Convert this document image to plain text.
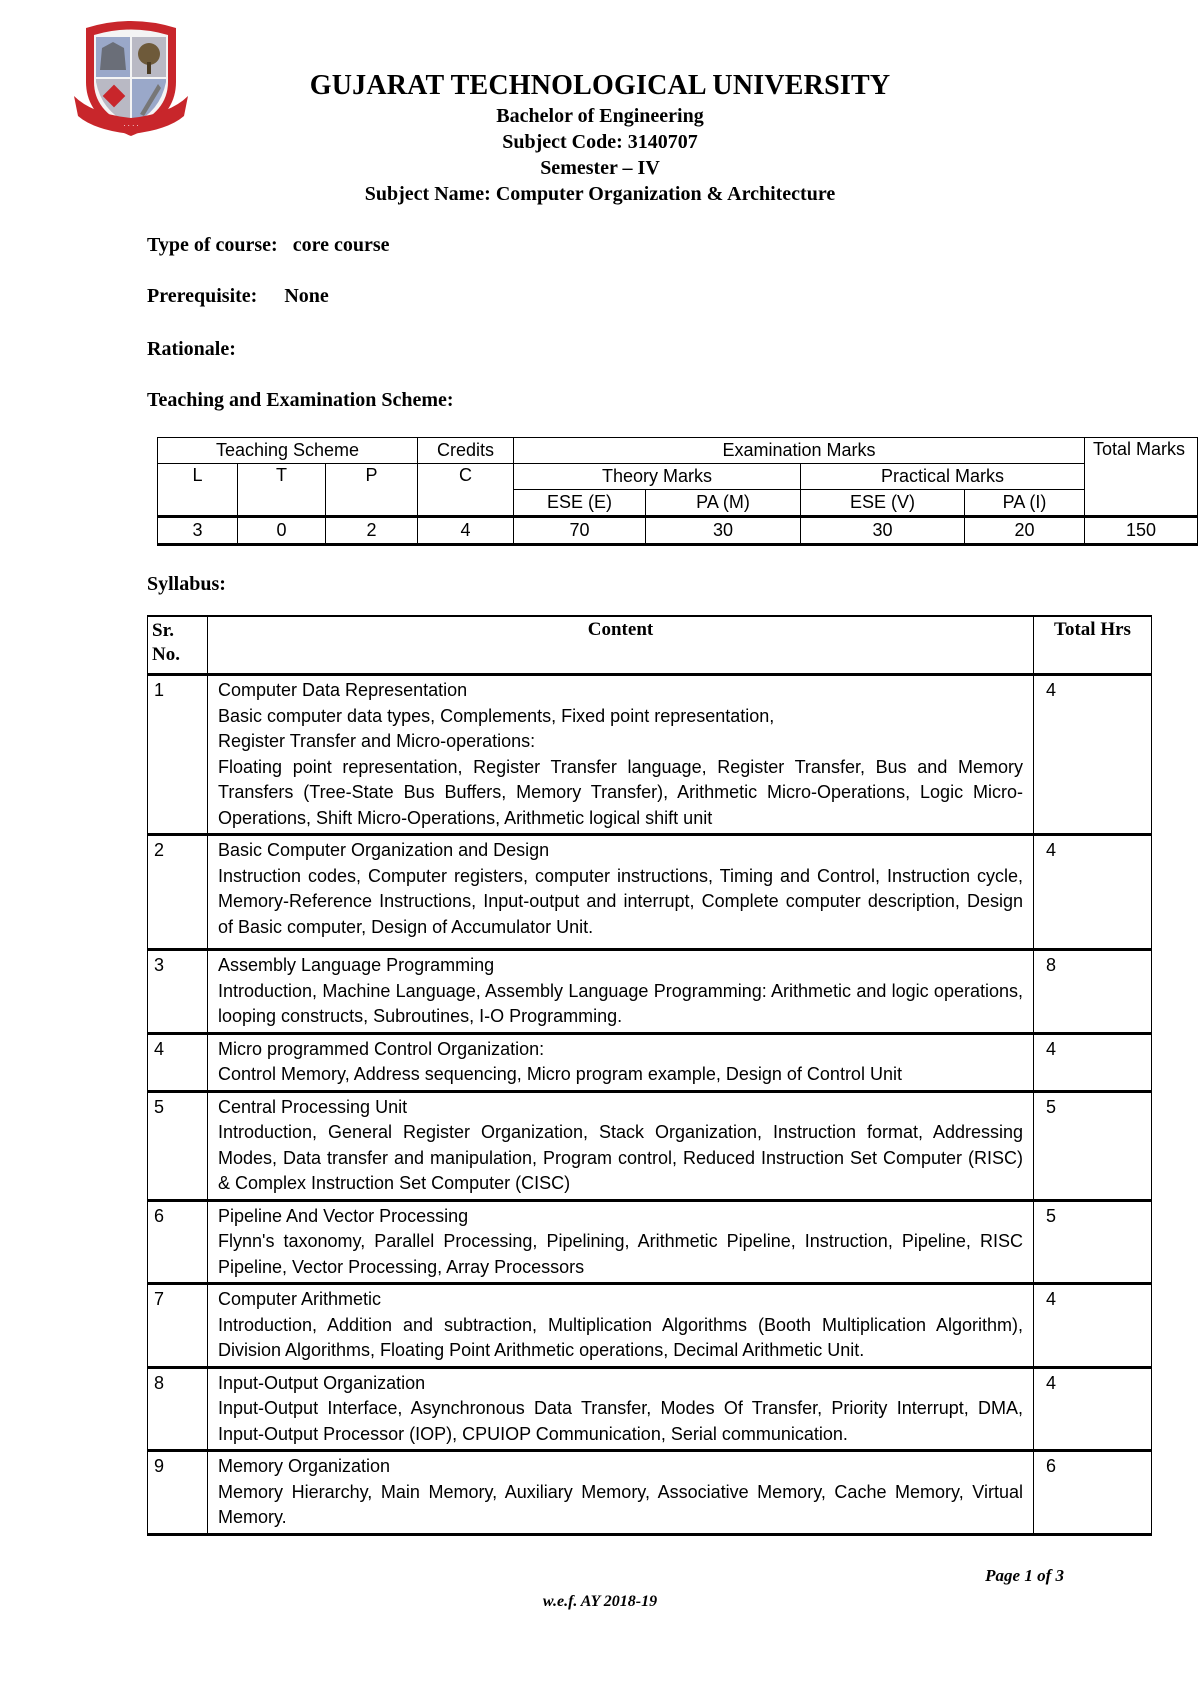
· · · ·
GUJARAT TECHNOLOGICAL UNIVERSITY
Bachelor of Engineering
Subject Code: 3140707
Semester – IV
Subject Name: Computer Organization & Architecture
Type of course: core course
Prerequisite: None
Rationale:
Teaching and Examination Scheme:
Teaching Scheme			Credits	Examination Marks				Total Marks
L	T	P	C	Theory Marks		Practical Marks		
				ESE (E)	PA (M)	ESE (V)	PA (I)	
3	0	2	4	70	30	30	20	150
Syllabus:
Sr. No.	Content	Total Hrs
1	Computer Data Representation
Basic computer data types, Complements, Fixed point representation,
Register Transfer and Micro-operations:
Floating point representation, Register Transfer language, Register Transfer, Bus and Memory Transfers (Tree-State Bus Buffers, Memory Transfer), Arithmetic Micro-Operations, Logic Micro-Operations, Shift Micro-Operations, Arithmetic logical shift unit	4
2	Basic Computer Organization and Design
Instruction codes, Computer registers, computer instructions, Timing and Control, Instruction cycle, Memory-Reference Instructions, Input-output and interrupt, Complete computer description, Design of Basic computer, Design of Accumulator Unit.	4
3	Assembly Language Programming
Introduction, Machine Language, Assembly Language Programming: Arithmetic and logic operations, looping constructs, Subroutines, I-O Programming.	8
4	Micro programmed Control Organization:
Control Memory, Address sequencing, Micro program example, Design of Control Unit	4
5	Central Processing Unit
Introduction, General Register Organization, Stack Organization, Instruction format, Addressing Modes, Data transfer and manipulation, Program control, Reduced Instruction Set Computer (RISC) & Complex Instruction Set Computer (CISC)	5
6	Pipeline And Vector Processing
Flynn's taxonomy, Parallel Processing, Pipelining, Arithmetic Pipeline, Instruction, Pipeline, RISC Pipeline, Vector Processing, Array Processors	5
7	Computer Arithmetic
Introduction, Addition and subtraction, Multiplication Algorithms (Booth Multiplication Algorithm), Division Algorithms, Floating Point Arithmetic operations, Decimal Arithmetic Unit.	4
8	Input-Output Organization
Input-Output Interface, Asynchronous Data Transfer, Modes Of Transfer, Priority Interrupt, DMA, Input-Output Processor (IOP), CPUIOP Communication, Serial communication.	4
9	Memory Organization
Memory Hierarchy, Main Memory, Auxiliary Memory, Associative Memory, Cache Memory, Virtual Memory.	6
Page 1 of 3
w.e.f. AY 2018-19
